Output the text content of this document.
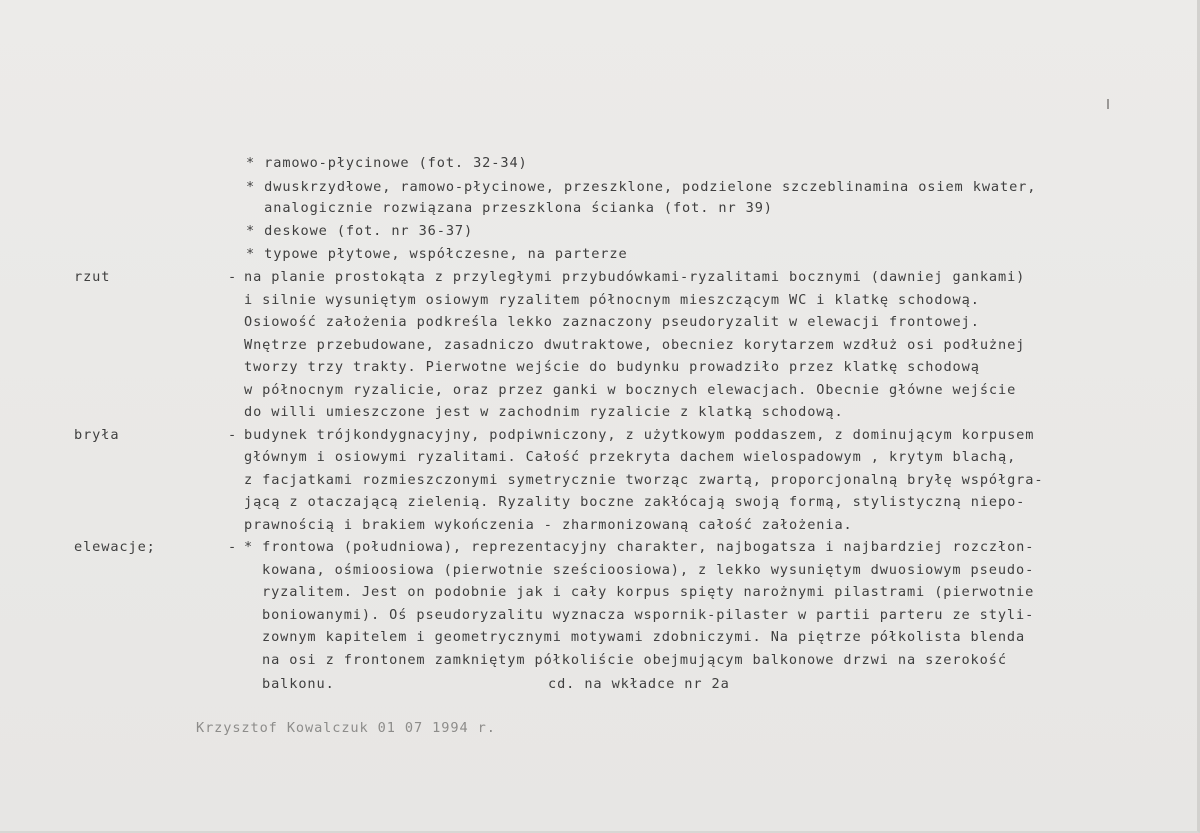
* ramowo-płycinowe (fot. 32-34)
* dwuskrzydłowe, ramowo-płycinowe, przeszklone, podzielone szczeblinamina osiem kwater,
analogicznie rozwiązana przeszklona ścianka (fot. nr 39)
* deskowe (fot. nr 36-37)
* typowe płytowe, współczesne, na parterze
rzut	- na planie prostokąta z przyległymi przybudówkami-ryzalitami bocznymi (dawniej gankami)
i silnie wysuniętym osiowym ryzalitem północnym mieszczącym WC i klatkę schodową.
Osiowość założenia podkreśla lekko zaznaczony pseudoryzalit w elewacji frontowej.
Wnętrze przebudowane, zasadniczo dwutraktowe, obecniez korytarzem wzdłuż osi podłużnej
tworzy trzy trakty. Pierwotne wejście do budynku prowadziło przez klatkę schodową
w północnym ryzalicie, oraz przez ganki w bocznych elewacjach. Obecnie główne wejście
do willi umieszczone jest w zachodnim ryzalicie z klatką schodową.
bryła	- budynek trójkondygnacyjny, podpiwniczony, z użytkowym poddaszem, z dominującym korpusem
głównym i osiowymi ryzalitami. Całość przekryta dachem wielospadowym , krytym blachą,
z facjatkami rozmieszczonymi symetrycznie tworząc zwartą, proporcjonalną bryłę współgra-
jącą z otaczającą zielenią. Ryzality boczne zakłócają swoją formą, stylistyczną niepo-
prawnością i brakiem wykończenia - zharmonizowaną całość założenia.
elewacje;	- * frontowa (południowa), reprezentacyjny charakter, najbogatsza i najbardziej rozczłon-
kowana, ośmioosiowa (pierwotnie sześcioosiowa), z lekko wysuniętym dwuosiowym pseudo-
ryzalitem. Jest on podobnie jak i cały korpus spięty narożnymi pilastrami (pierwotnie
boniowanymi). Oś pseudoryzalitu wyznacza wspornik-pilaster w partii parteru ze styli-
zownym kapitelem i geometrycznymi motywami zdobniczymi. Na piętrze półkolista blenda
na osi z frontonem zamkniętym półkoliście obejmującym balkonowe drzwi na szerokość
balkonu.	cd. na wkładce nr 2a
Krzysztof Kowalczuk 01 07 1994 r.
